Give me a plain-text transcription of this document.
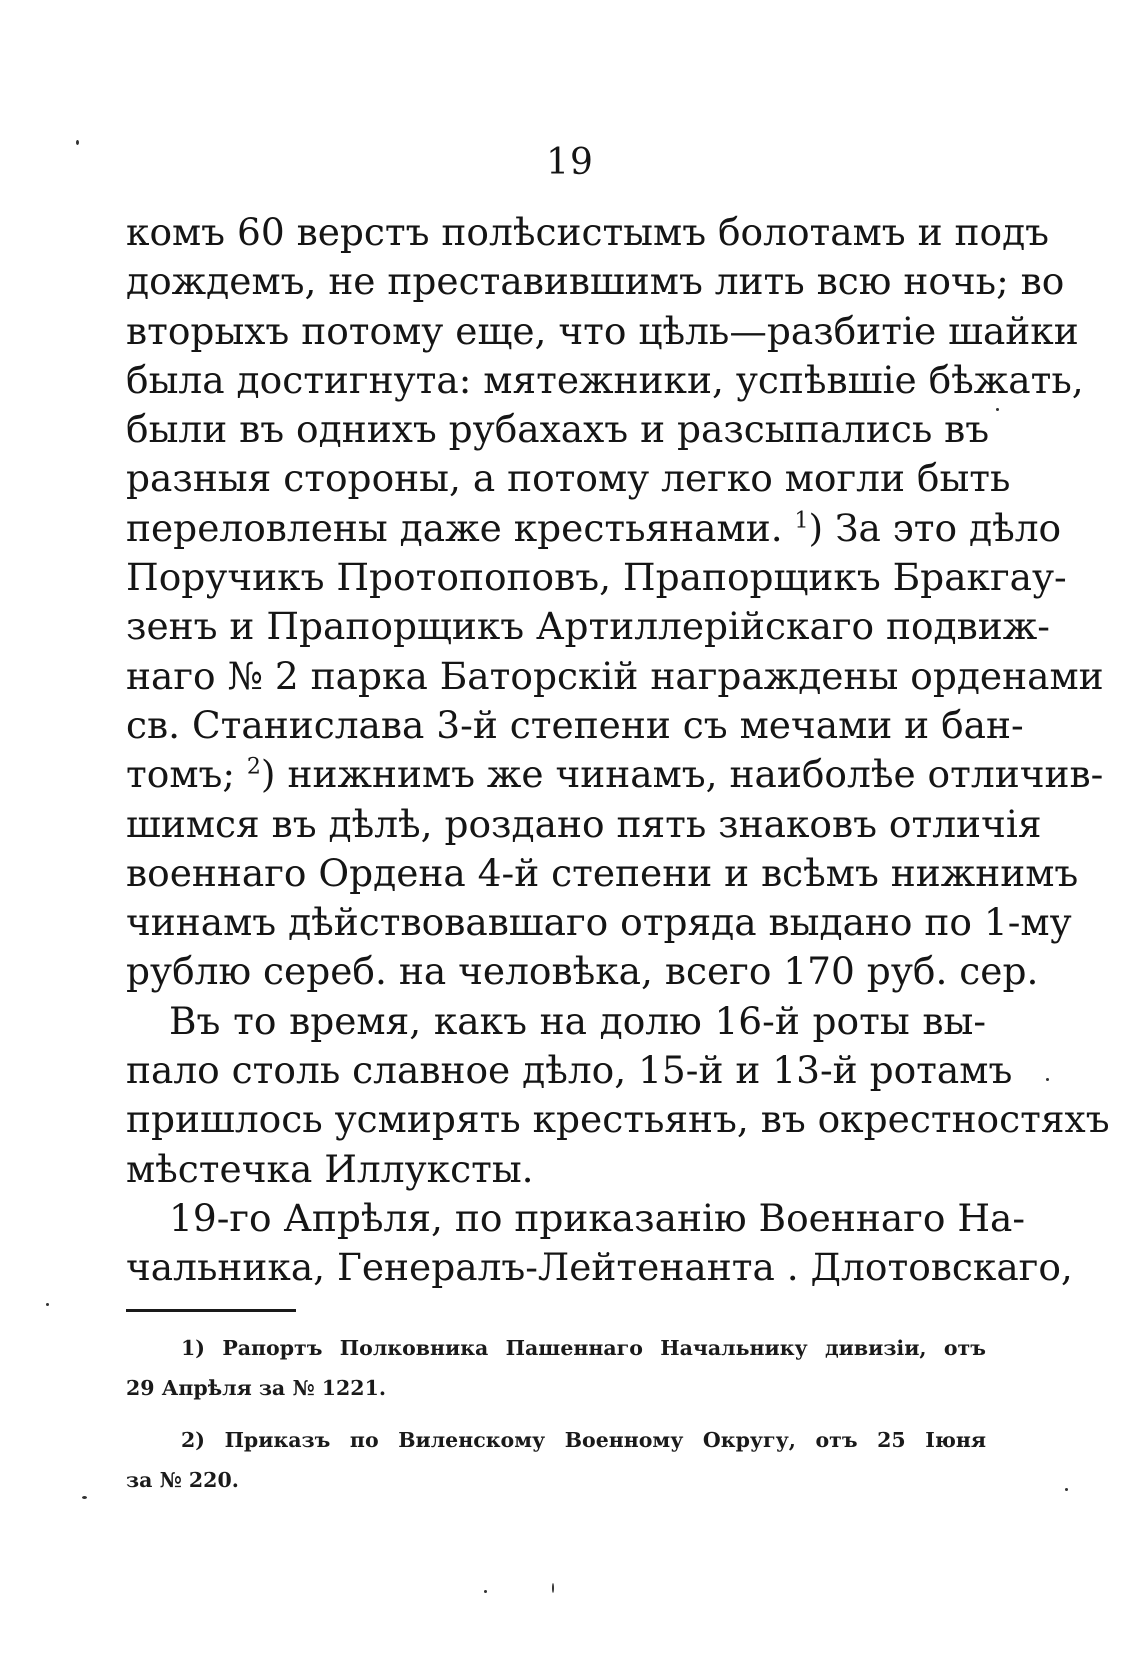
19
комъ 60 верстъ полѣсистымъ болотамъ и подъ
дождемъ, не преставившимъ лить всю ночь; во
вторыхъ потому еще, что цѣль—разбитіе шайки
была достигнута: мятежники, успѣвшіе бѣжать,
были въ однихъ рубахахъ и разсыпались въ
разныя стороны, а потому легко могли быть
переловлены даже крестьянами. $^1$) За это дѣло
Поручикъ Протопоповъ, Прапорщикъ Бракгау-
зенъ и Прапорщикъ Артиллерійскаго подвиж-
наго № 2 парка Баторскій награждены орденами
св. Станислава 3-й степени съ мечами и бан-
томъ; $^2$) нижнимъ же чинамъ, наиболѣе отличив-
шимся въ дѣлѣ, роздано пять знаковъ отличія
военнаго Ордена 4-й степени и всѣмъ нижнимъ
чинамъ дѣйствовавшаго отряда выдано по 1-му
рублю сереб. на человѣка, всего 170 руб. сер.
Въ то время, какъ на долю 16-й роты вы-
пало столь славное дѣло, 15-й и 13-й ротамъ
пришлось усмирять крестьянъ, въ окрестностяхъ
мѣстечка Иллуксты.
19-го Апрѣля, по приказанію Военнаго На-
чальника, Генералъ-Лейтенанта . Длотовскаго,
1) Рапортъ Полковника Пашеннаго Начальнику дивизіи, отъ
29 Апрѣля за № 1221.
2) Приказъ по Виленскому Военному Округу, отъ 25 Іюня
за № 220.
